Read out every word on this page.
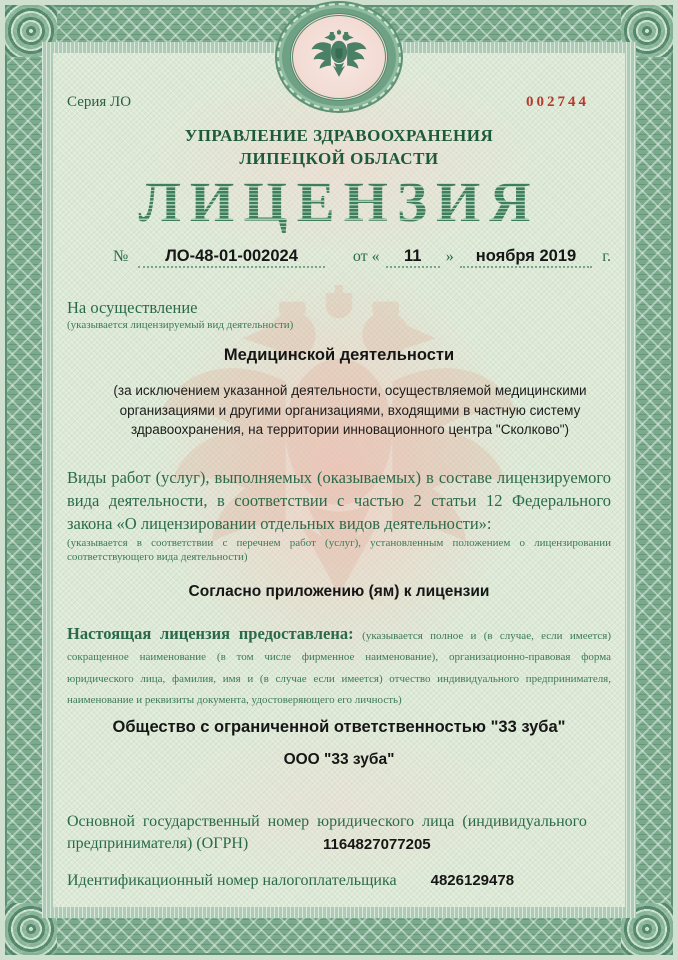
Серия ЛО	002744
УПРАВЛЕНИЕ ЗДРАВООХРАНЕНИЯ
ЛИПЕЦКОЙ ОБЛАСТИ
ЛИЦЕНЗИЯ
№	ЛО-48-01-002024	от «	11	»	ноября 2019	г.
На осуществление
(указывается лицензируемый вид деятельности)
Медицинской деятельности
(за исключением указанной деятельности, осуществляемой медицинскими организациями и другими организациями, входящими в частную систему здравоохранения, на территории инновационного центра "Сколково")
Виды работ (услуг), выполняемых (оказываемых) в составе лицензируемого вида деятельности, в соответствии с частью 2 статьи 12 Федерального закона «О лицензировании отдельных видов деятельности»:
(указывается в соответствии с перечнем работ (услуг), установленным положением о лицензировании соответствующего вида деятельности)
Согласно приложению (ям) к лицензии
Настоящая лицензия предоставлена: (указывается полное и (в случае, если имеется) сокращенное наименование (в том числе фирменное наименование), организационно-правовая форма юридического лица, фамилия, имя и (в случае если имеется) отчество индивидуального предпринимателя, наименование и реквизиты документа, удостоверяющего его личность)
Общество с ограниченной ответственностью "33 зуба"
ООО "33 зуба"
Основной государственный номер юридического лица (индивидуального
предпринимателя) (ОГРН)	1164827077205
Идентификационный номер налогоплательщика 4826129478
